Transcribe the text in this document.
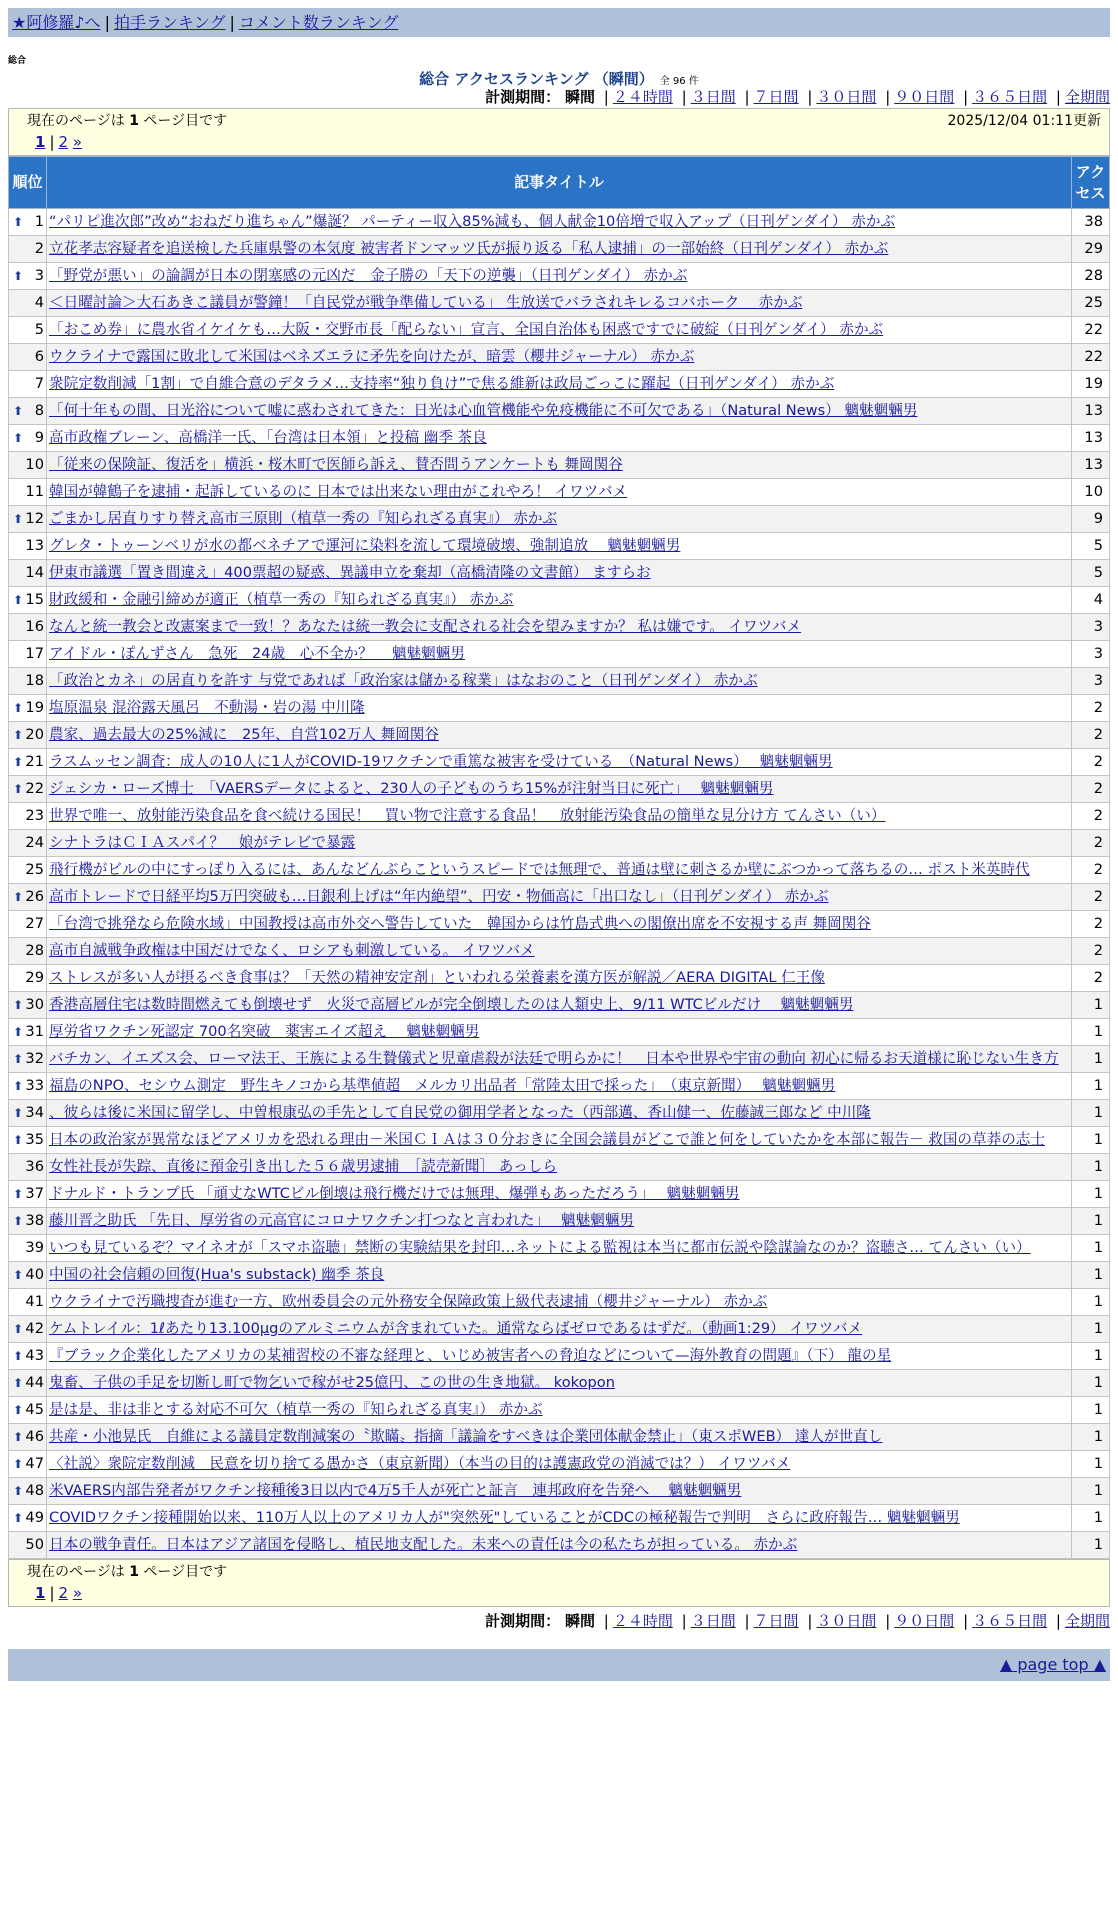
★阿修羅♪へ | 拍手ランキング | コメント数ランキング
総合
総合 アクセスランキング （瞬間） 全 96 件
計測期間： 瞬間 | ２４時間 | ３日間 | ７日間 | ３０日間 | ９０日間 | ３６５日間 | 全期間
現在のページは 1 ページ目です	2025/12/04 01:11更新
1 | 2 »
順位	記事タイトル	アクセス

⬆ 1	“パリピ進次郎”改め“おねだり進ちゃん”爆誕？ パーティー収入85%減も、個人献金10倍増で収入アップ（日刊ゲンダイ） 赤かぶ	38
2	立花孝志容疑者を追送検した兵庫県警の本気度 被害者ドンマッツ氏が振り返る「私人逮捕」の一部始終（日刊ゲンダイ） 赤かぶ	29

⬆ 3	「野党が悪い」の論調が日本の閉塞感の元凶だ　金子勝の「天下の逆襲」（日刊ゲンダイ） 赤かぶ	28
4	＜日曜討論＞大石あきこ議員が警鐘！「自民党が戦争準備している」 生放送でバラされキレるコバホーク　 赤かぶ	25
5	「おこめ券」に農水省イケイケも…大阪・交野市長「配らない」宣言、全国自治体も困惑ですでに破綻（日刊ゲンダイ） 赤かぶ	22
6	ウクライナで露国に敗北して米国はベネズエラに矛先を向けたが、暗雲（櫻井ジャーナル） 赤かぶ	22
7	衆院定数削減「1割」で自維合意のデタラメ…支持率“独り負け”で焦る維新は政局ごっこに躍起（日刊ゲンダイ） 赤かぶ	19

⬆ 8	「何十年もの間、日光浴について嘘に惑わされてきた：日光は心血管機能や免疫機能に不可欠である」（Natural News） 魑魅魍魎男	13

⬆ 9	高市政権ブレーン、高橋洋一氏、「台湾は日本領」と投稿 幽季 茶良	13
10	「従来の保険証、復活を」横浜・桜木町で医師ら訴え、賛否問うアンケートも 舞岡関谷	13
11	韓国が韓鶴子を逮捕・起訴しているのに 日本では出来ない理由がこれやろ！ イワツバメ	10

⬆ 12	ごまかし居直りすり替え高市三原則（植草一秀の『知られざる真実』） 赤かぶ	9
13	グレタ・トゥーンベリが水の都ベネチアで運河に染料を流して環境破壊、強制追放　 魑魅魍魎男	5
14	伊東市議選「置き間違え」400票超の疑惑、異議申立を棄却（高橋清隆の文書館） ますらお	5

⬆ 15	財政緩和・金融引締めが適正（植草一秀の『知られざる真実』） 赤かぶ	4
16	なんと統一教会と改憲案まで一致！？あなたは統一教会に支配される社会を望みますか？ 私は嫌です。 イワツバメ	3
17	アイドル・ぽんずさん　急死　24歳　心不全か？　 魑魅魍魎男	3
18	「政治とカネ」の居直りを許す 与党であれば「政治家は儲かる稼業」はなおのこと（日刊ゲンダイ） 赤かぶ	3

⬆ 19	塩原温泉 混浴露天風呂　不動湯・岩の湯 中川隆	2

⬆ 20	農家、過去最大の25%減に　25年、自営102万人 舞岡関谷	2

⬆ 21	ラスムッセン調査：成人の10人に1人がCOVID-19ワクチンで重篤な被害を受けている　（Natural News）　 魑魅魍魎男	2

⬆ 22	ジェシカ・ローズ博士　「VAERSデータによると、230人の子どものうち15%が注射当日に死亡」　 魑魅魍魎男	2
23	世界で唯一、放射能汚染食品を食べ続ける国民！　買い物で注意する食品！　放射能汚染食品の簡単な見分け方 てんさい（い）	2
24	シナトラはＣＩＡスパイ？　娘がテレビで暴露	2
25	飛行機がビルの中にすっぽり入るには、あんなどんぶらこというスピードでは無理で、普通は壁に刺さるか壁にぶつかって落ちるの… ポスト米英時代	2

⬆ 26	高市トレードで日経平均5万円突破も…日銀利上げは“年内絶望”、円安・物価高に「出口なし」（日刊ゲンダイ） 赤かぶ	2
27	「台湾で挑発なら危険水域」中国教授は高市外交へ警告していた　韓国からは竹島式典への閣僚出席を不安視する声 舞岡関谷	2
28	高市自滅戦争政権は中国だけでなく、ロシアも刺激している。 イワツバメ	2
29	ストレスが多い人が摂るべき食事は？「天然の精神安定剤」といわれる栄養素を漢方医が解説／AERA DIGITAL 仁王像	2

⬆ 30	香港高層住宅は数時間燃えても倒壊せず　火災で高層ビルが完全倒壊したのは人類史上、9/11 WTCビルだけ　 魑魅魍魎男	1

⬆ 31	厚労省ワクチン死認定 700名突破　薬害エイズ超え　 魑魅魍魎男	1

⬆ 32	バチカン、イエズス会、ローマ法王、王族による生贄儀式と児童虐殺が法廷で明らかに！　日本や世界や宇宙の動向 初心に帰るお天道様に恥じない生き方	1

⬆ 33	福島のNPO、セシウム測定　野生キノコから基準値超　メルカリ出品者「常陸太田で採った」　（東京新聞）　 魑魅魍魎男	1

⬆ 34	、彼らは後に米国に留学し、中曽根康弘の手先として自民党の御用学者となった（西部邁、香山健一、佐藤誠三郎など 中川隆	1

⬆ 35	日本の政治家が異常なほどアメリカを恐れる理由－米国ＣＩＡは３０分おきに全国会議員がどこで誰と何をしていたかを本部に報告－ 救国の草莽の志士	1
36	女性社長が失踪、直後に預金引き出した５６歳男逮捕　［読売新聞］ あっしら	1

⬆ 37	ドナルド・トランプ氏 「頑丈なWTCビル倒壊は飛行機だけでは無理、爆弾もあっただろう」　 魑魅魍魎男	1

⬆ 38	藤川晋之助氏 「先日、厚労省の元高官にコロナワクチン打つなと言われた」　 魑魅魍魎男	1
39	いつも見ているぞ？マイネオが「スマホ盗聴」禁断の実験結果を封印…ネットによる監視は本当に都市伝説や陰謀論なのか？盗聴さ… てんさい（い）	1

⬆ 40	中国の社会信頼の回復(Hua's substack) 幽季 茶良	1
41	ウクライナで汚職捜査が進む一方、欧州委員会の元外務安全保障政策上級代表逮捕（櫻井ジャーナル） 赤かぶ	1

⬆ 42	ケムトレイル：1ℓあたり13.100μgのアルミニウムが含まれていた。通常ならばゼロであるはずだ。（動画1:29） イワツバメ	1

⬆ 43	『ブラック企業化したアメリカの某補習校の不審な経理と、いじめ被害者への脅迫などについて—海外教育の問題』（下） 龍の星	1

⬆ 44	鬼畜、子供の手足を切断し町で物乞いで稼がせ25億円、この世の生き地獄。 kokopon	1

⬆ 45	是は是、非は非とする対応不可欠（植草一秀の『知られざる真実』） 赤かぶ	1

⬆ 46	共産・小池晃氏　自維による議員定数削減案の〝欺瞞〟指摘「議論をすべきは企業団体献金禁止」（東スポWEB） 達人が世直し	1

⬆ 47	〈社説〉衆院定数削減　民意を切り捨てる愚かさ（東京新聞）（本当の目的は護憲政党の消滅では？） イワツバメ	1

⬆ 48	米VAERS内部告発者がワクチン接種後3日以内で4万5千人が死亡と証言　連邦政府を告発へ　 魑魅魍魎男	1

⬆ 49	COVIDワクチン接種開始以来、110万人以上のアメリカ人が"突然死"していることがCDCの極秘報告で判明　さらに政府報告… 魑魅魍魎男	1
50	日本の戦争責任。日本はアジア諸国を侵略し、植民地支配した。未来への責任は今の私たちが担っている。 赤かぶ	1
現在のページは 1 ページ目です
1 | 2 »
計測期間： 瞬間 | ２４時間 | ３日間 | ７日間 | ３０日間 | ９０日間 | ３６５日間 | 全期間
▲ page top ▲
